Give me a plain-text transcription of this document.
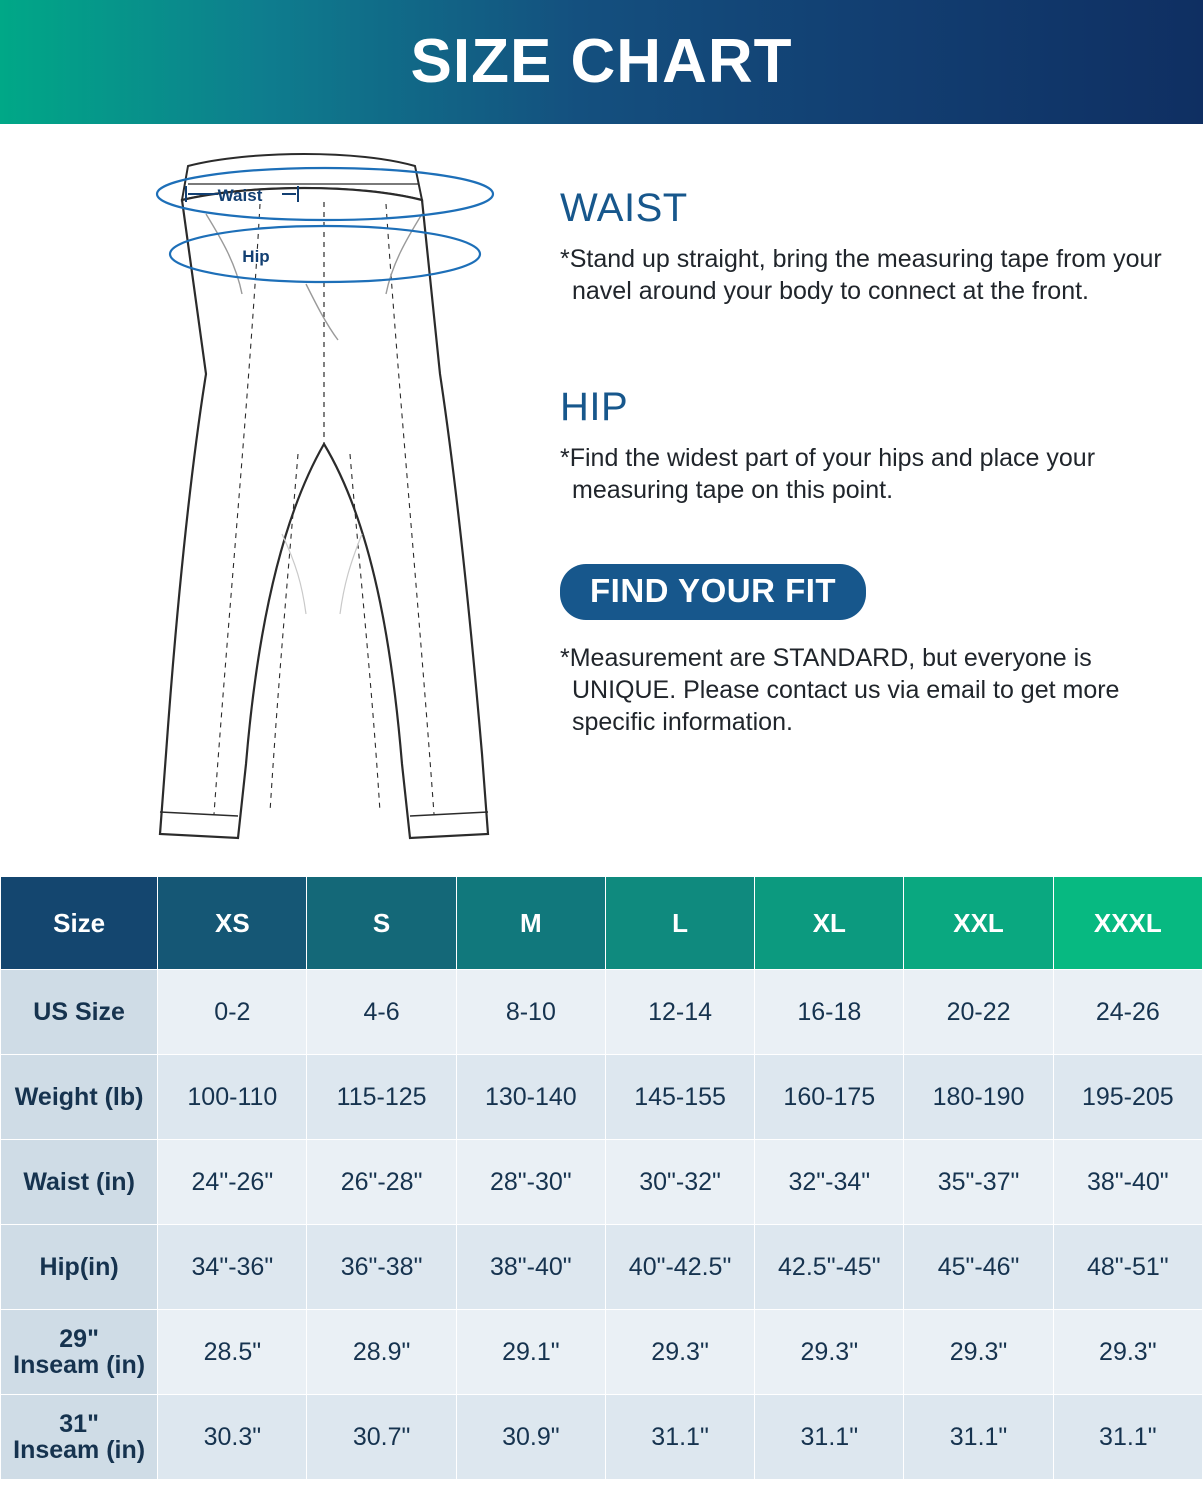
SIZE CHART
Waist
Hip
WAIST

*Stand up straight, bring the measuring tape from your navel around your body to connect at the front.

HIP

*Find the widest part of your hips and place your measuring tape on this point.

FIND YOUR FIT

*Measurement are STANDARD, but everyone is UNIQUE. Please contact us via email to get more specific information.

Size	XS	S	M	L	XL	XXL	XXXL
US Size	0-2	4-6	8-10	12-14	16-18	20-22	24-26
Weight (lb)	100-110	115-125	130-140	145-155	160-175	180-190	195-205
Waist (in)	24"-26"	26"-28"	28"-30"	30"-32"	32"-34"	35"-37"	38"-40"
Hip(in)	34"-36"	36"-38"	38"-40"	40"-42.5"	42.5"-45"	45"-46"	48"-51"

29"
Inseam (in)	28.5"	28.9"	29.1"	29.3"	29.3"	29.3"	29.3"

31"
Inseam (in)	30.3"	30.7"	30.9"	31.1"	31.1"	31.1"	31.1"
